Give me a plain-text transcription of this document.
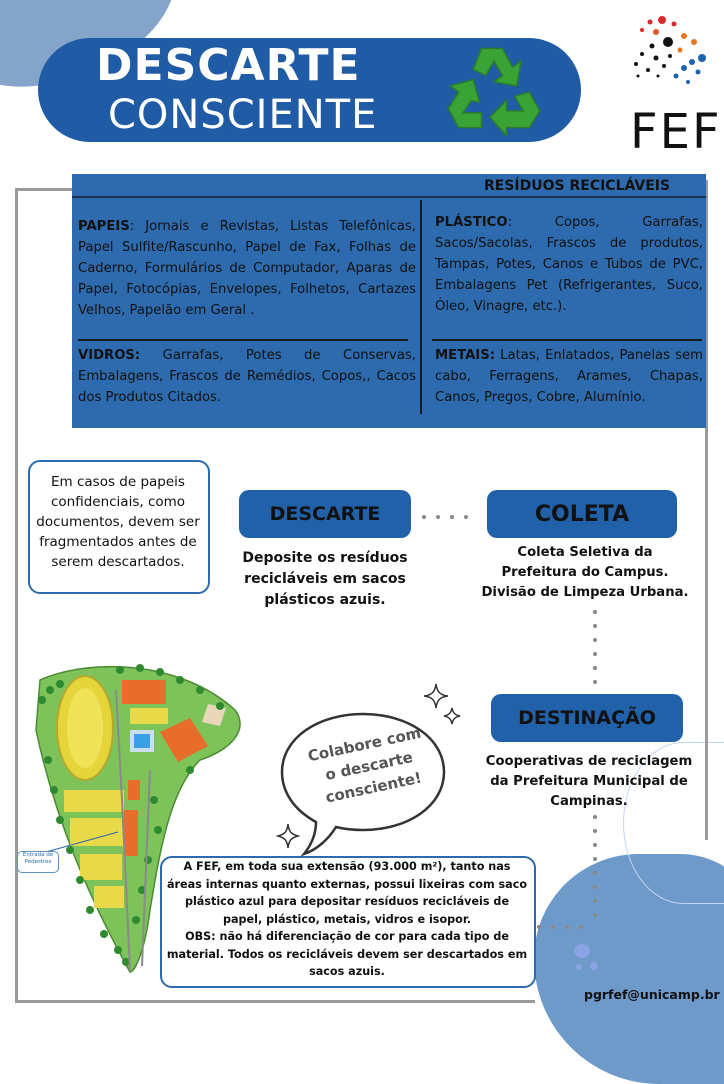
DESCARTE
CONSCIENTE	FEF
RESÍDUOS RECICLÁVEIS
PAPEIS: Jornais e Revistas, Listas Telefônicas, Papel Sulfite/Rascunho, Papel de Fax, Folhas de Caderno, Formulários de Computador, Aparas de Papel, Fotocópias, Envelopes, Folhetos, Cartazes Velhos, Papelão em Geral .
PLÁSTICO: Copos, Garrafas, Sacos/Sacolas, Frascos de produtos, Tampas, Potes, Canos e Tubos de PVC, Embalagens Pet (Refrigerantes, Suco, Óleo, Vinagre, etc.).
VIDROS: Garrafas, Potes de Conservas, Embalagens, Frascos de Remédios, Copos,, Cacos dos Produtos Citados.
METAIS: Latas, Enlatados, Panelas sem cabo, Ferragens, Arames, Chapas, Canos, Pregos, Cobre, Alumínio.
Em casos de papeis confidenciais, como documentos, devem ser fragmentados antes de serem descartados.
DESCARTE
Deposite os resíduos recicláveis em sacos plásticos azuis.
COLETA
Coleta Seletiva da Prefeitura do Campus. Divisão de Limpeza Urbana.
DESTINAÇÃO
Cooperativas de reciclagem da Prefeitura Municipal de Campinas.
Entrada de Pedestres
Colabore com o descarte consciente!
A FEF, em toda sua extensão (93.000 m²), tanto nas áreas internas quanto externas, possui lixeiras com saco plástico azul para depositar resíduos recicláveis de papel, plástico, metais, vidros e isopor.
OBS: não há diferenciação de cor para cada tipo de material. Todos os recicláveis devem ser descartados em sacos azuis.
pgrfef@unicamp.br
